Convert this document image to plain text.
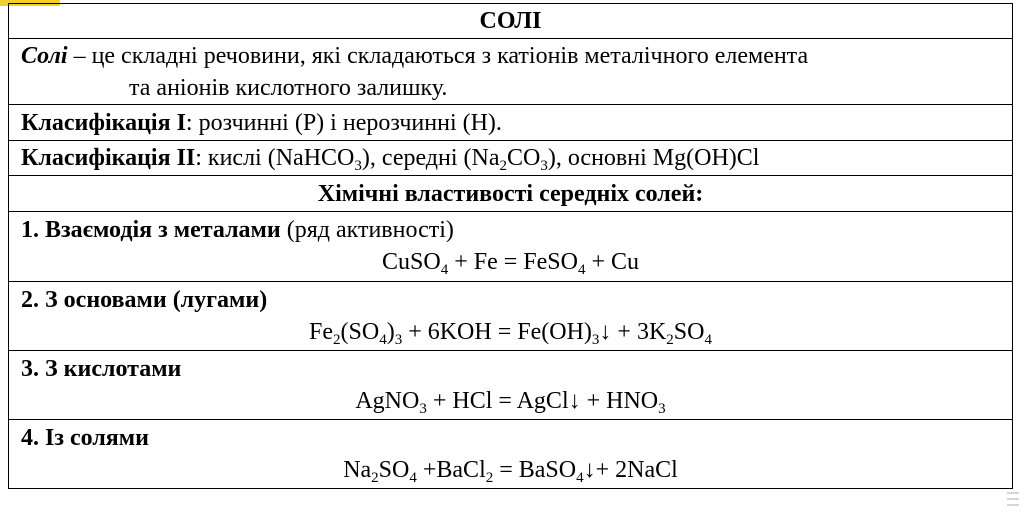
СОЛІ
Солі – це складні речовини, які складаються з катіонів металічного елемента
та аніонів кислотного залишку.
Класифікація І: розчинні (Р) і нерозчинні (Н).
Класифікація ІІ: кислі (NaHCO$_3$), середні $(Na_2CO_3)$, основні Mg(OH)Cl
Хімічні властивості середніх солей:
1. Взаємодія з металами (ряд активності)
CuSO$_4$ + Fe = FeSO$_4$ + Cu
2. З основами (лугами)
$Fe_2(SO_4)_3 + 6KOH$ = $Fe(OH)_3↓ + 3K_2SO_4$
3. З кислотами
AgNO$_3$ + HCl = AgCl↓ + $HNO_3$
4. Із солями
$Na_2SO_4$ +BaCl$_2$ = BaSO$_4$↓+ 2NaCl
